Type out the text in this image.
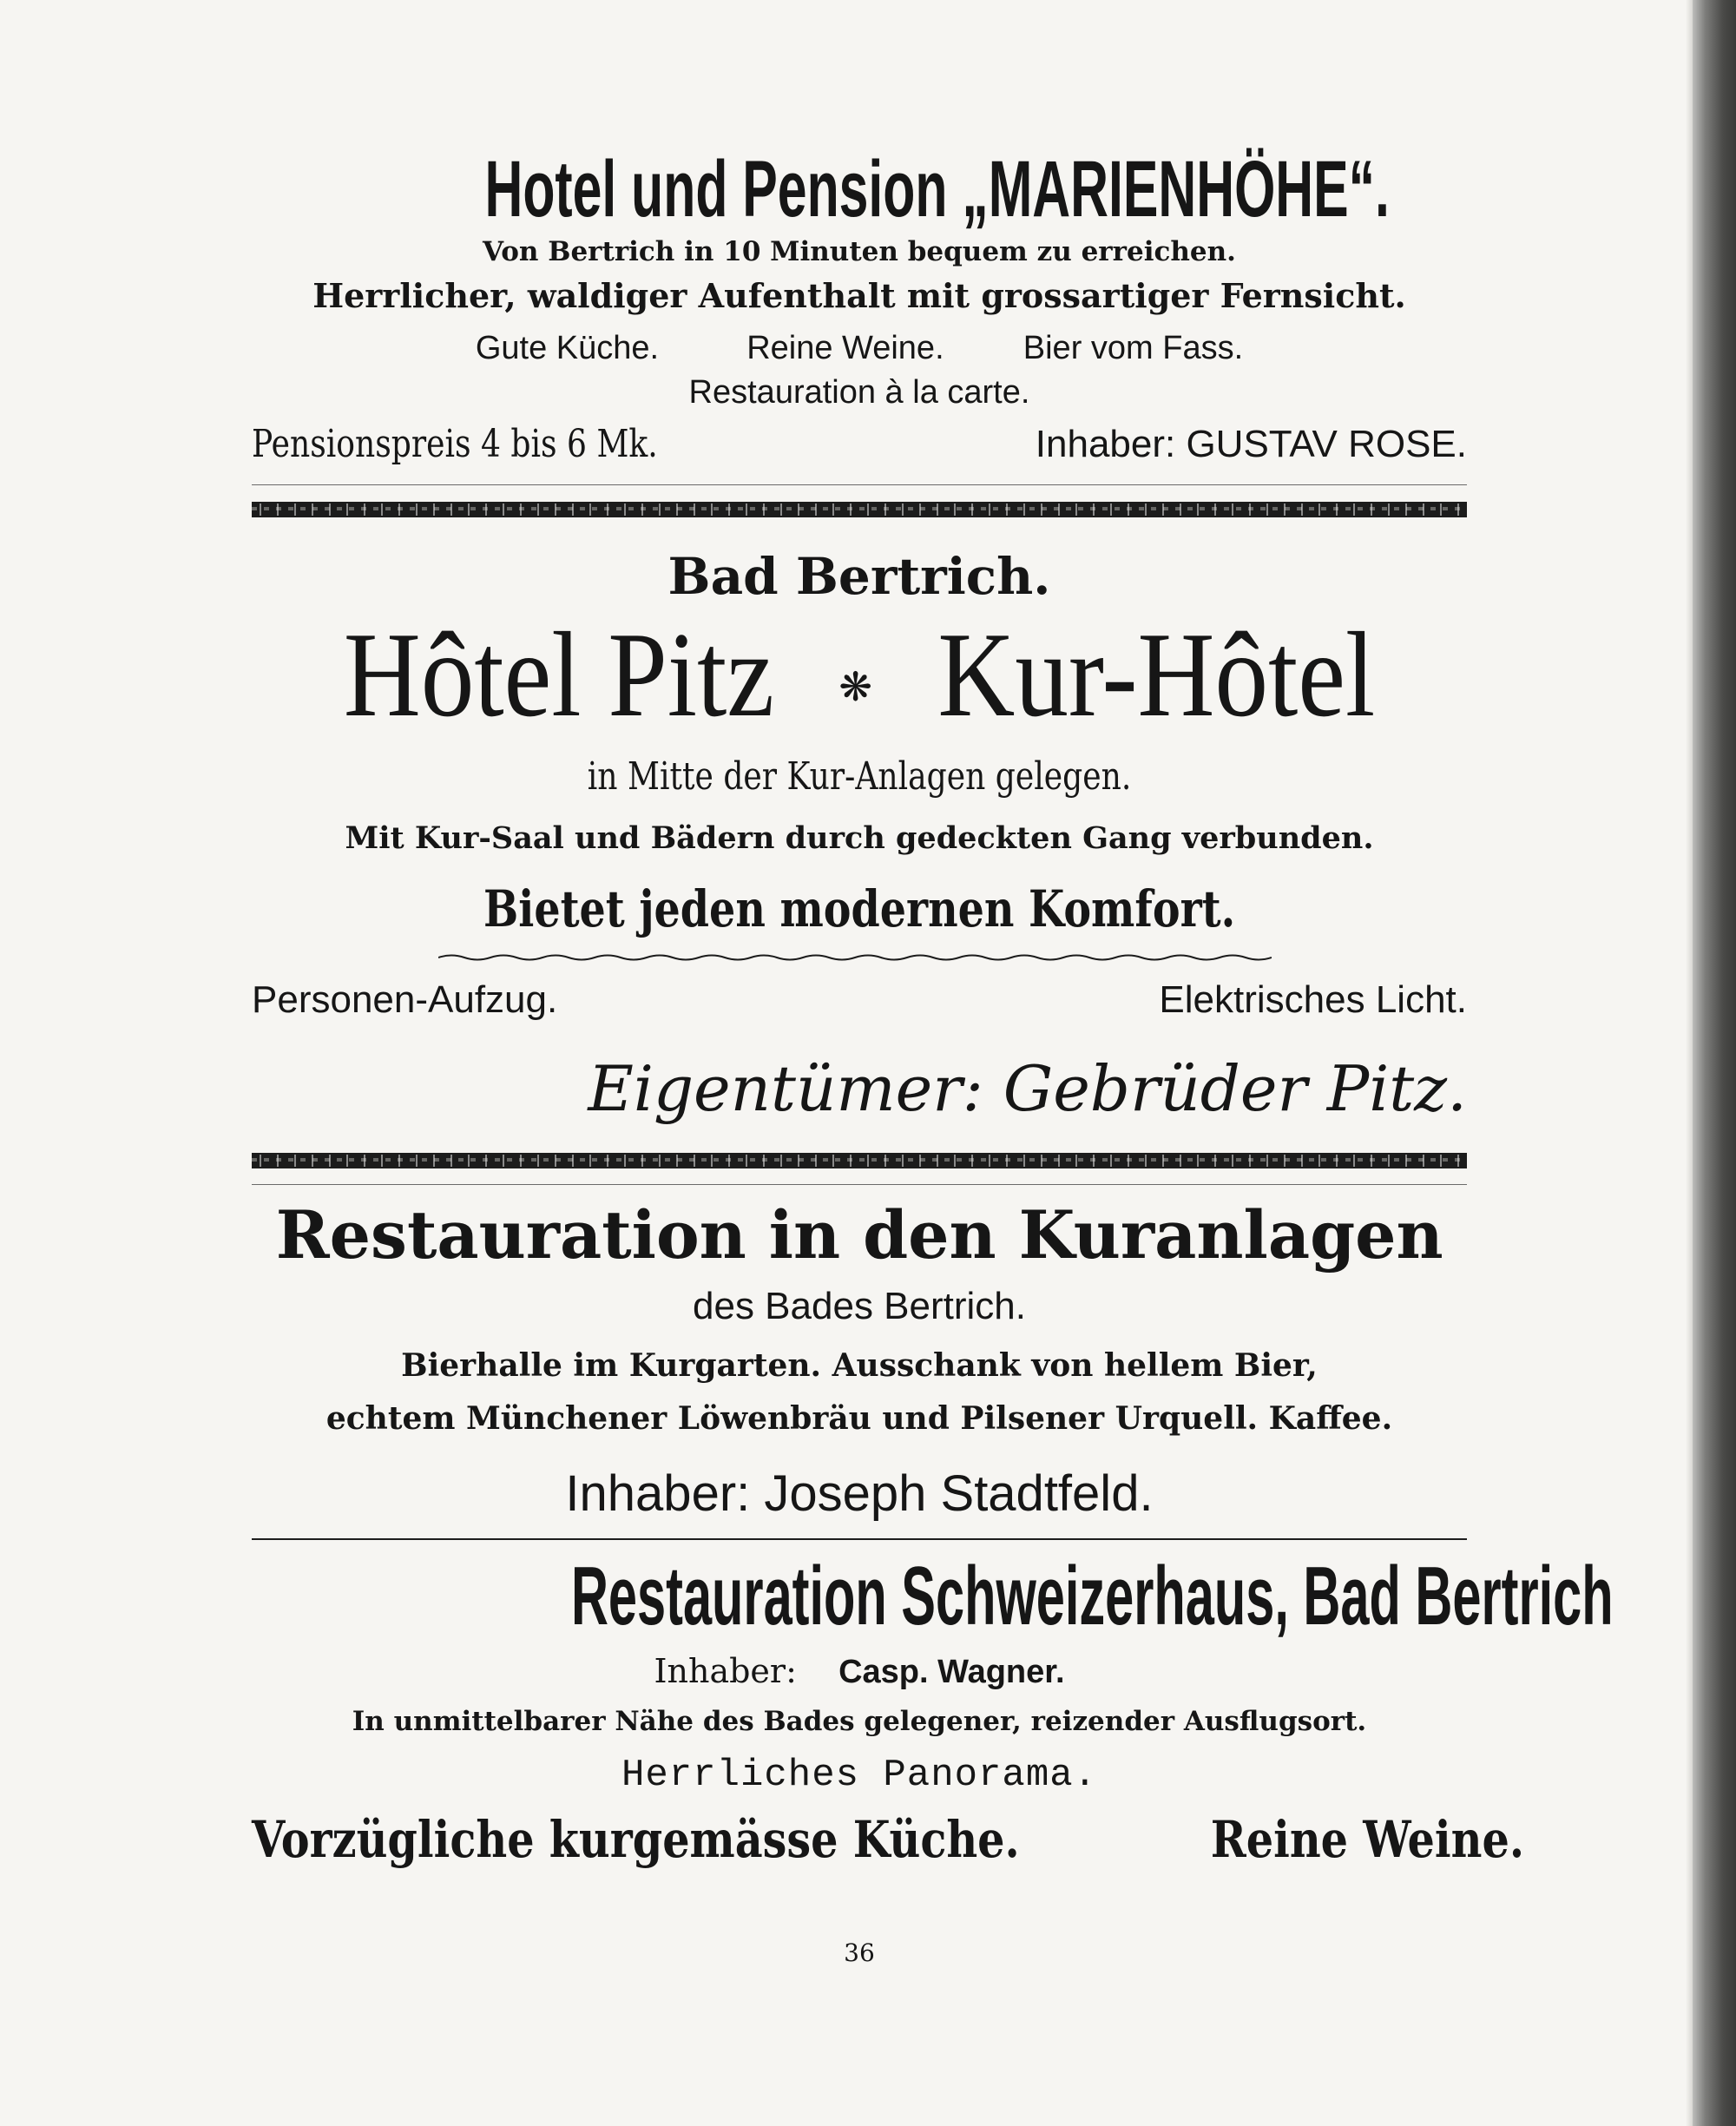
Hotel und Pension „MARIENHÖHE“.
Von Bertrich in 10 Minuten bequem zu erreichen.
Herrlicher, waldiger Aufenthalt mit grossartiger Fernsicht.
Gute Küche.	Reine Weine. Bier vom Fass.
Restauration à la carte.
Pensionspreis 4 bis 6 Mk.	Inhaber: GUSTAV ROSE.
Bad Bertrich.
Hôtel Pitz ❋ Kur-Hôtel
in Mitte der Kur-Anlagen gelegen.
Mit Kur-Saal und Bädern durch gedeckten Gang verbunden.
Bietet jeden modernen Komfort.
Personen-Aufzug.	Elektrisches Licht.
Eigentümer: Gebrüder Pitz.
Restauration in den Kuranlagen
des Bades Bertrich.
Bierhalle im Kurgarten. Ausschank von hellem Bier,
echtem Münchener Löwenbräu und Pilsener Urquell. Kaffee.
Inhaber: Joseph Stadtfeld.
Restauration Schweizerhaus, Bad Bertrich
Inhaber: Casp. Wagner.
In unmittelbarer Nähe des Bades gelegener, reizender Ausflugsort.
Herrliches Panorama.
Vorzügliche kurgemässe Küche.	Reine Weine.
36
